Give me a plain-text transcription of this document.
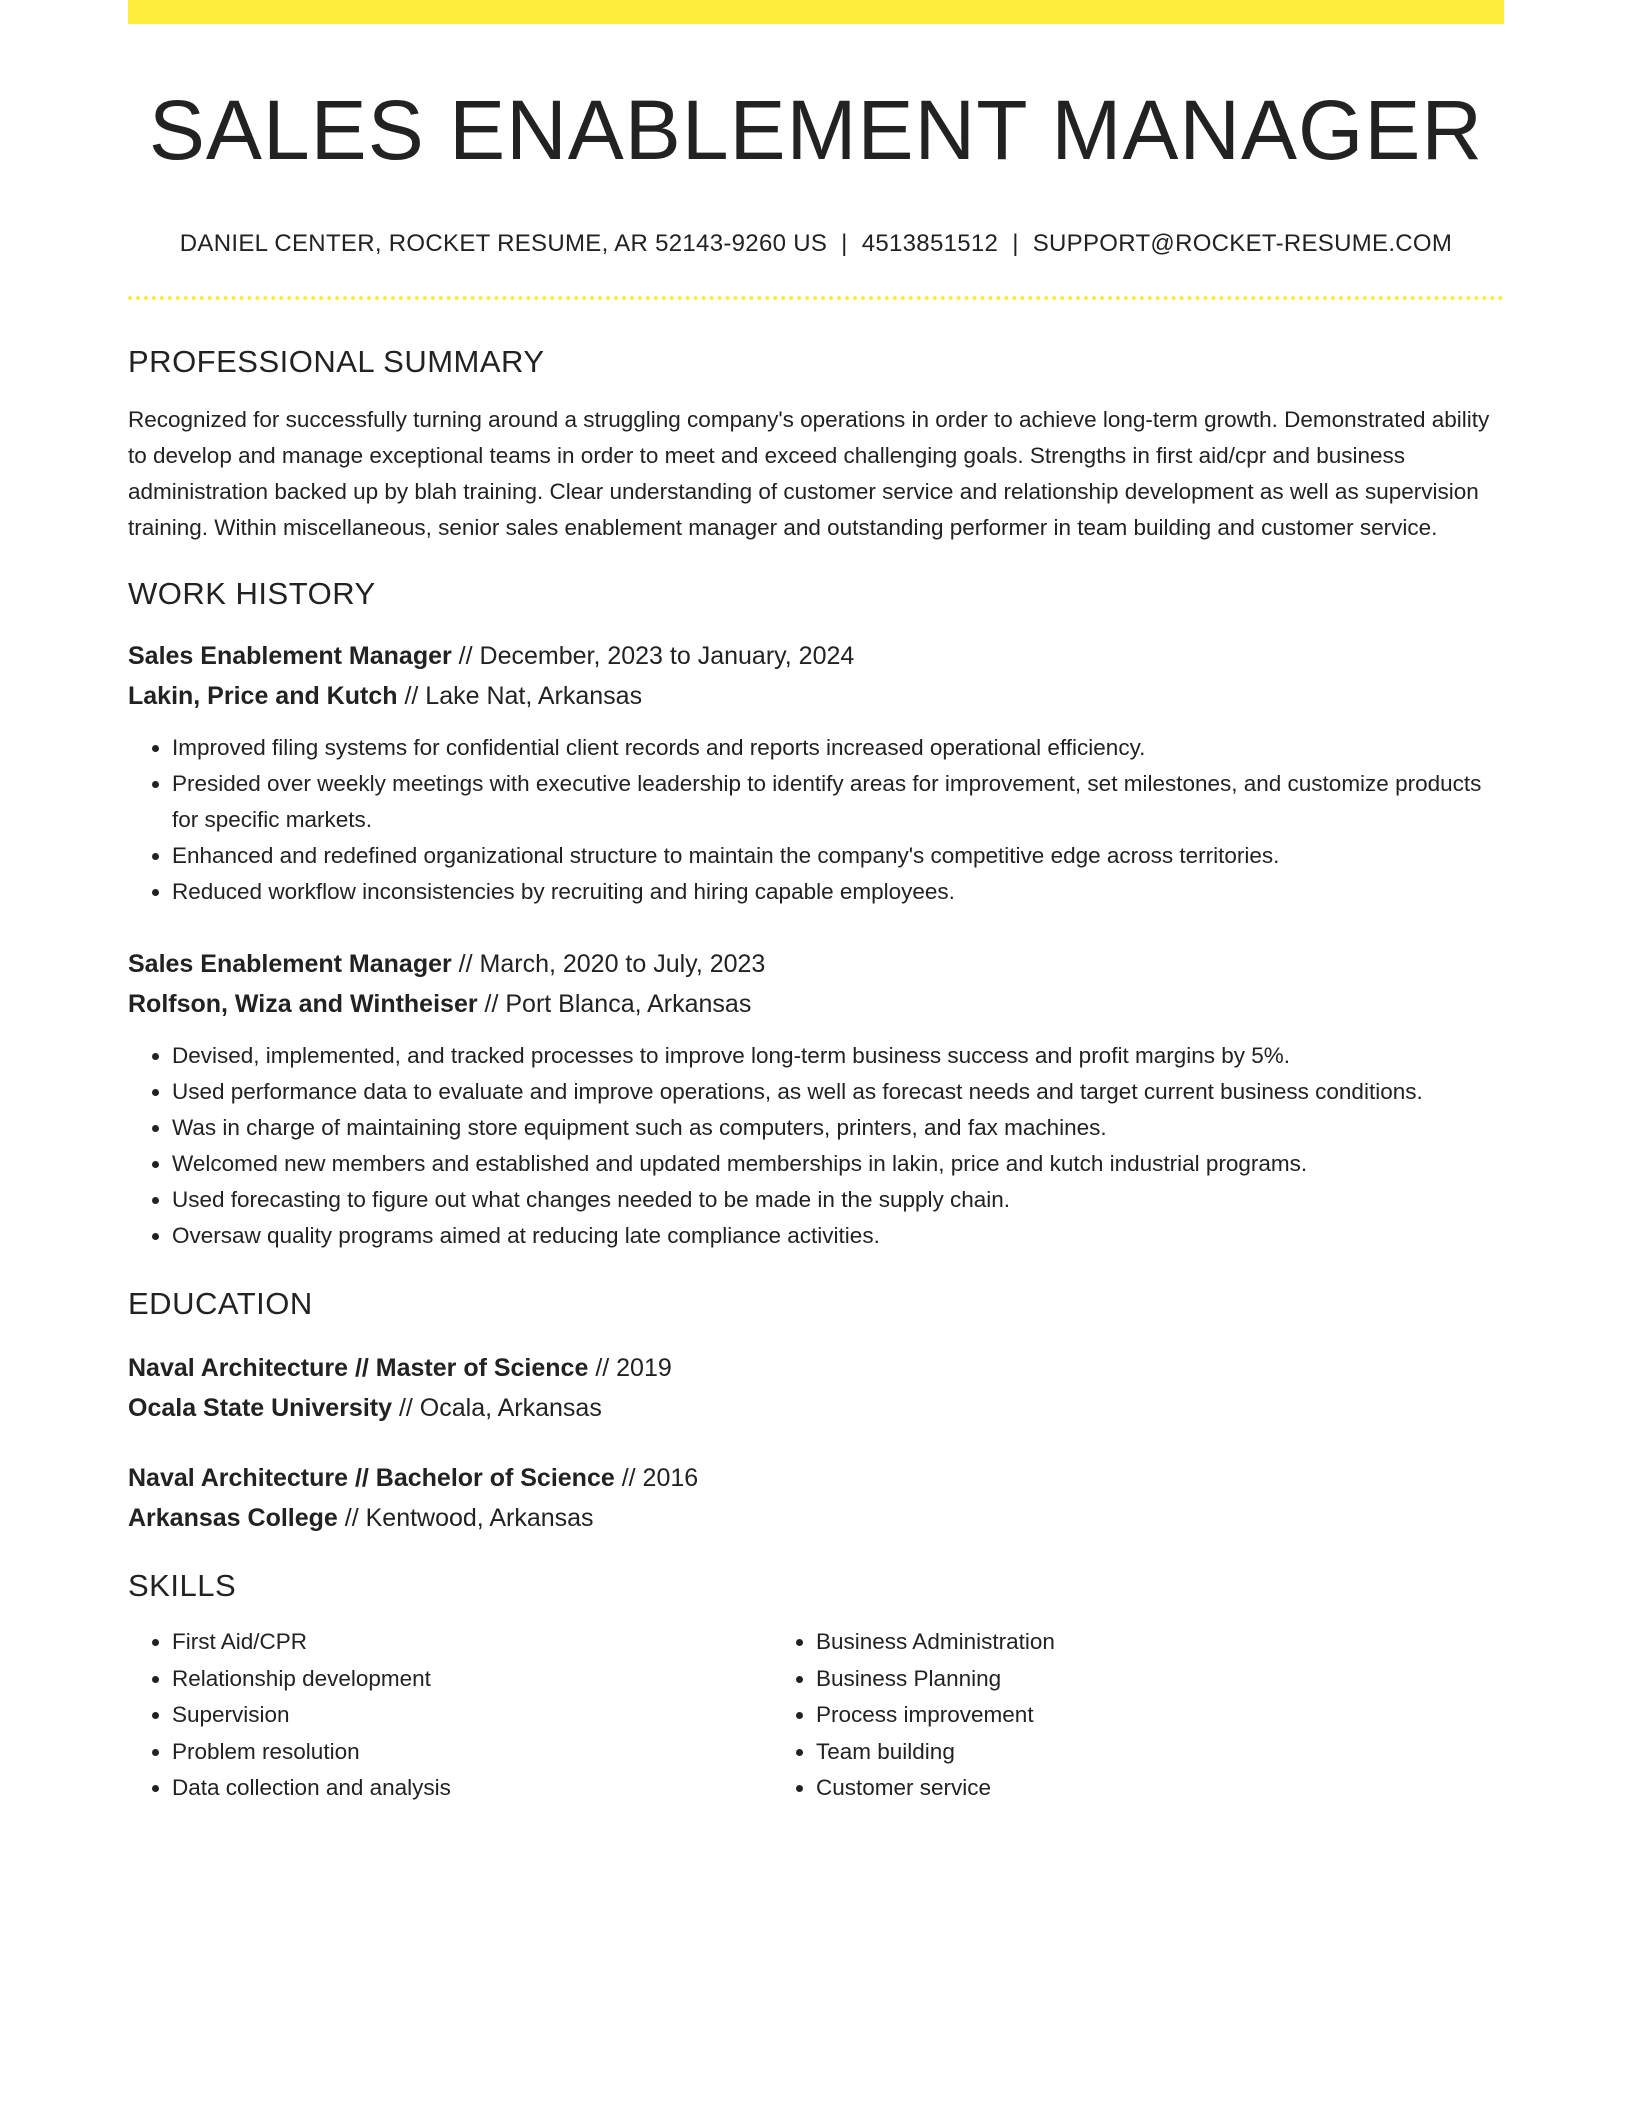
SALES ENABLEMENT MANAGER
DANIEL CENTER, ROCKET RESUME, AR 52143-9260 US | 4513851512 | SUPPORT@ROCKET-RESUME.COM
PROFESSIONAL SUMMARY
Recognized for successfully turning around a struggling company's operations in order to achieve long-term growth. Demonstrated ability to develop and manage exceptional teams in order to meet and exceed challenging goals. Strengths in first aid/cpr and business administration backed up by blah training. Clear understanding of customer service and relationship development as well as supervision training. Within miscellaneous, senior sales enablement manager and outstanding performer in team building and customer service.
WORK HISTORY
Sales Enablement Manager // December, 2023 to January, 2024
Lakin, Price and Kutch // Lake Nat, Arkansas
• Improved filing systems for confidential client records and reports increased operational efficiency.
• Presided over weekly meetings with executive leadership to identify areas for improvement, set milestones, and customize products for specific markets.
• Enhanced and redefined organizational structure to maintain the company's competitive edge across territories.
• Reduced workflow inconsistencies by recruiting and hiring capable employees.
Sales Enablement Manager // March, 2020 to July, 2023
Rolfson, Wiza and Wintheiser // Port Blanca, Arkansas
• Devised, implemented, and tracked processes to improve long-term business success and profit margins by 5%.
• Used performance data to evaluate and improve operations, as well as forecast needs and target current business conditions.
• Was in charge of maintaining store equipment such as computers, printers, and fax machines.
• Welcomed new members and established and updated memberships in lakin, price and kutch industrial programs.
• Used forecasting to figure out what changes needed to be made in the supply chain.
• Oversaw quality programs aimed at reducing late compliance activities.
EDUCATION
Naval Architecture // Master of Science // 2019
Ocala State University // Ocala, Arkansas
Naval Architecture // Bachelor of Science // 2016
Arkansas College // Kentwood, Arkansas
SKILLS
• First Aid/CPR
• Relationship development
• Supervision
• Problem resolution
• Data collection and analysis
• Business Administration
• Business Planning
• Process improvement
• Team building
• Customer service
